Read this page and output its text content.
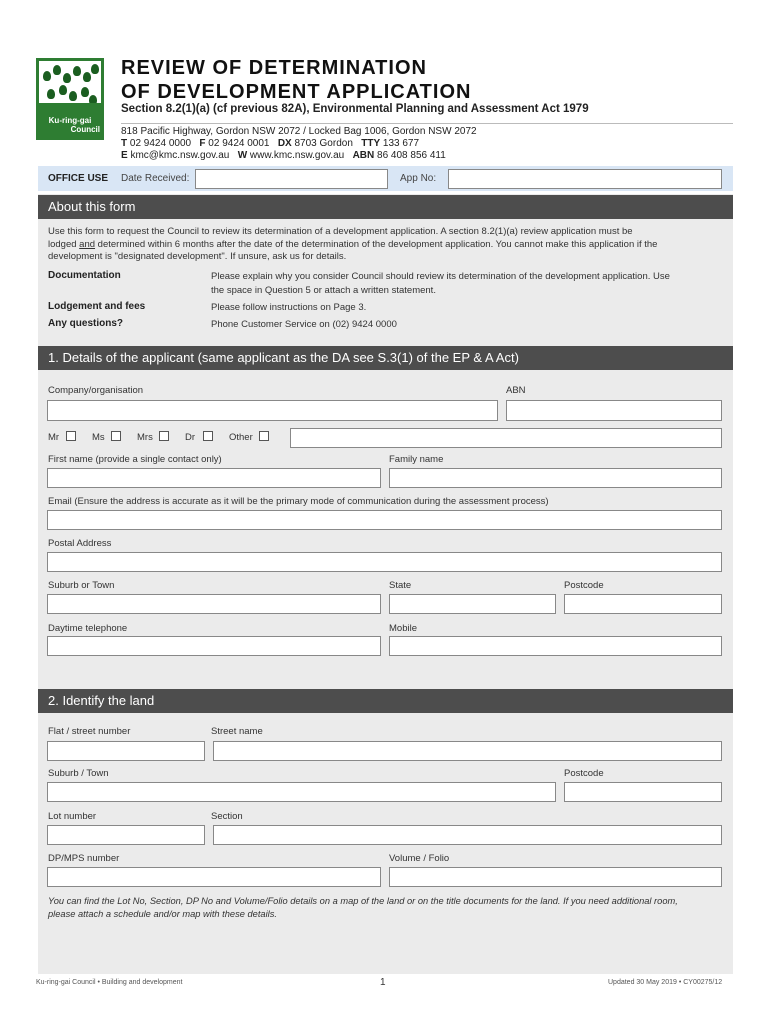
Ku-ring-gai
Council
REVIEW OF DETERMINATION
OF DEVELOPMENT APPLICATION
Section 8.2(1)(a) (cf previous 82A), Environmental Planning and Assessment Act 1979
818 Pacific Highway, Gordon NSW 2072 / Locked Bag 1006, Gordon NSW 2072
T 02 9424 0000 F 02 9424 0001 DX 8703 Gordon TTY 133 677
E kmc@kmc.nsw.gov.au W www.kmc.nsw.gov.au ABN 86 408 856 411
OFFICE USE Date Received:	App No:
About this form
Use this form to request the Council to review its determination of a development application. A section 8.2(1)(a) review application must be
lodged and determined within 6 months after the date of the determination of the development application. You cannot make this application if the
development is "designated development". If unsure, ask us for details.
Documentation	Please explain why you consider Council should review its determination of the development application. Use
the space in Question 5 or attach a written statement.
Lodgement and fees	Please follow instructions on Page 3.
Any questions?	Phone Customer Service on (02) 9424 0000
1. Details of the applicant (same applicant as the DA see S.3(1) of the EP & A Act)
Company/organisation	ABN
Mr	Ms	Mrs	Dr	Other
First name (provide a single contact only)	Family name
Email (Ensure the address is accurate as it will be the primary mode of communication during the assessment process)
Postal Address
Suburb or Town	State	Postcode
Daytime telephone	Mobile
2. Identify the land
Flat / street number	Street name
Suburb / Town	Postcode
Lot number	Section
DP/MPS number	Volume / Folio
You can find the Lot No, Section, DP No and Volume/Folio details on a map of the land or on the title documents for the land. If you need additional room,
please attach a schedule and/or map with these details.
Ku-ring-gai Council • Building and development	1	Updated 30 May 2019 • CY00275/12
